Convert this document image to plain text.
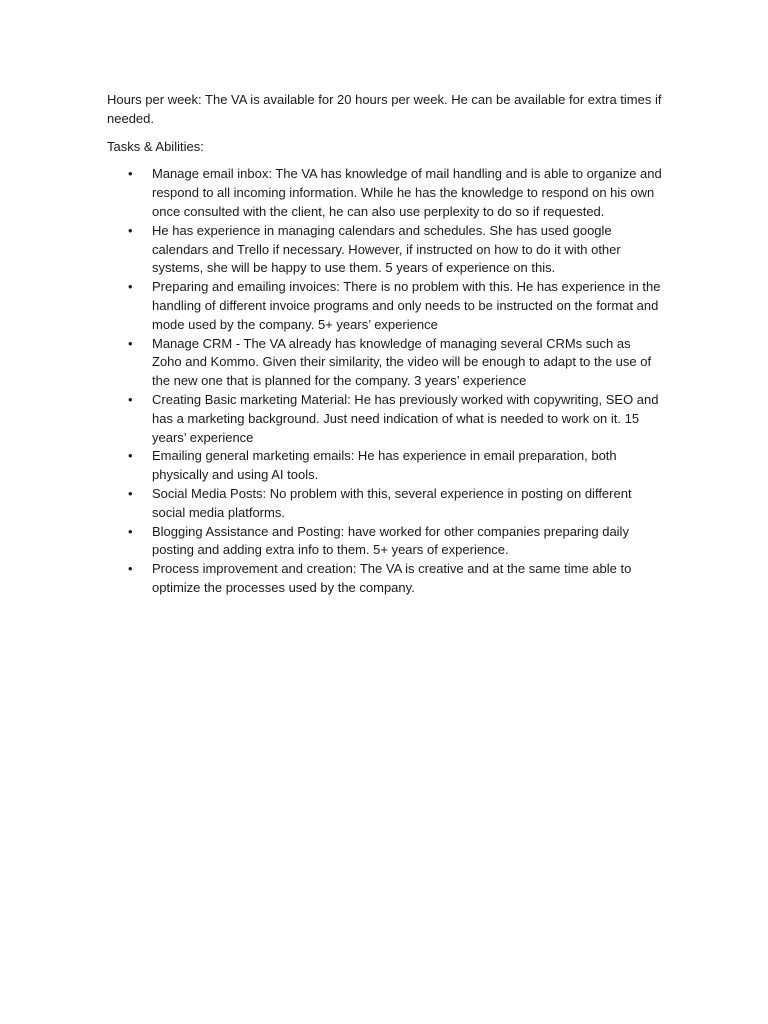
Hours per week: The VA is available for 20 hours per week. He can be available for extra times if needed.

Tasks & Abilities:

• Manage email inbox: The VA has knowledge of mail handling and is able to organize and respond to all incoming information. While he has the knowledge to respond on his own once consulted with the client, he can also use perplexity to do so if requested.
• He has experience in managing calendars and schedules. She has used google calendars and Trello if necessary. However, if instructed on how to do it with other systems, she will be happy to use them. 5 years of experience on this.
• Preparing and emailing invoices: There is no problem with this. He has experience in the handling of different invoice programs and only needs to be instructed on the format and mode used by the company. 5+ years’ experience
• Manage CRM - The VA already has knowledge of managing several CRMs such as Zoho and Kommo. Given their similarity, the video will be enough to adapt to the use of the new one that is planned for the company. 3 years’ experience
• Creating Basic marketing Material: He has previously worked with copywriting, SEO and has a marketing background. Just need indication of what is needed to work on it. 15 years’ experience
• Emailing general marketing emails: He has experience in email preparation, both physically and using AI tools.
• Social Media Posts: No problem with this, several experience in posting on different social media platforms.
• Blogging Assistance and Posting: have worked for other companies preparing daily posting and adding extra info to them. 5+ years of experience.
• Process improvement and creation: The VA is creative and at the same time able to optimize the processes used by the company.
